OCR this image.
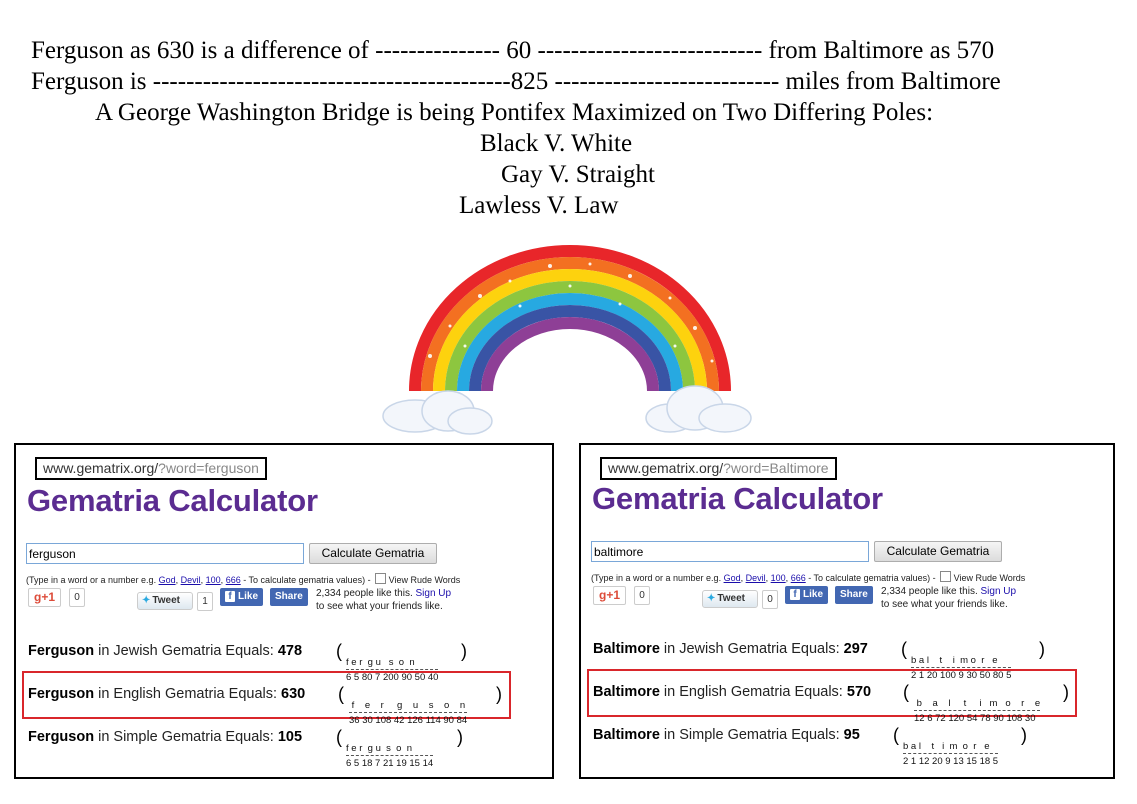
Ferguson as 630 is a difference of --------------- 60 --------------------------- from Baltimore as 570
Ferguson is -------------------------------------------825 --------------------------- miles from Baltimore
A George Washington Bridge is being Pontifex Maximized on Two Differing Poles:
Black V. White
Gay V. Straight
Lawless V. Law
www.gematrix.org/?word=ferguson
Gematria Calculator
ferguson
Calculate Gematria
(Type in a word or a number e.g. God, Devil, 100, 666 - To calculate gematria values) - View Rude Words
g+1	0	✦ Tweet	1	f Like	Share	2,334 people like this. Sign Up
to see what your friends like.
Ferguson in Jewish Gematria Equals: 478 (

f e r  g u   s  o  n
6 5 80 7 200 90 50 40

)
Ferguson in English Gematria Equals: 630 (

f    e    r     g    u    s    o    n
36 30 108 42 126 114 90 84

)
Ferguson in Simple Gematria Equals: 105 (

f e r  g u  s  o  n
6 5 18 7 21 19 15 14

)
www.gematrix.org/?word=Baltimore
Gematria Calculator
baltimore
Calculate Gematria
(Type in a word or a number e.g. God, Devil, 100, 666 - To calculate gematria values) - View Rude Words
g+1	0	✦ Tweet	0	f Like	Share	2,334 people like this. Sign Up
to see what your friends like.
Baltimore in Jewish Gematria Equals: 297 (

b a l    t    i  m o  r   e
2 1 20 100 9 30 50 80 5

)
Baltimore in English Gematria Equals: 570 (

b    a    l     t     i   m   o    r    e
12 6 72 120 54 78 90 108 30

)
Baltimore in Simple Gematria Equals: 95 (

b a l    t   i  m  o  r   e
2 1 12 20 9 13 15 18 5

)
